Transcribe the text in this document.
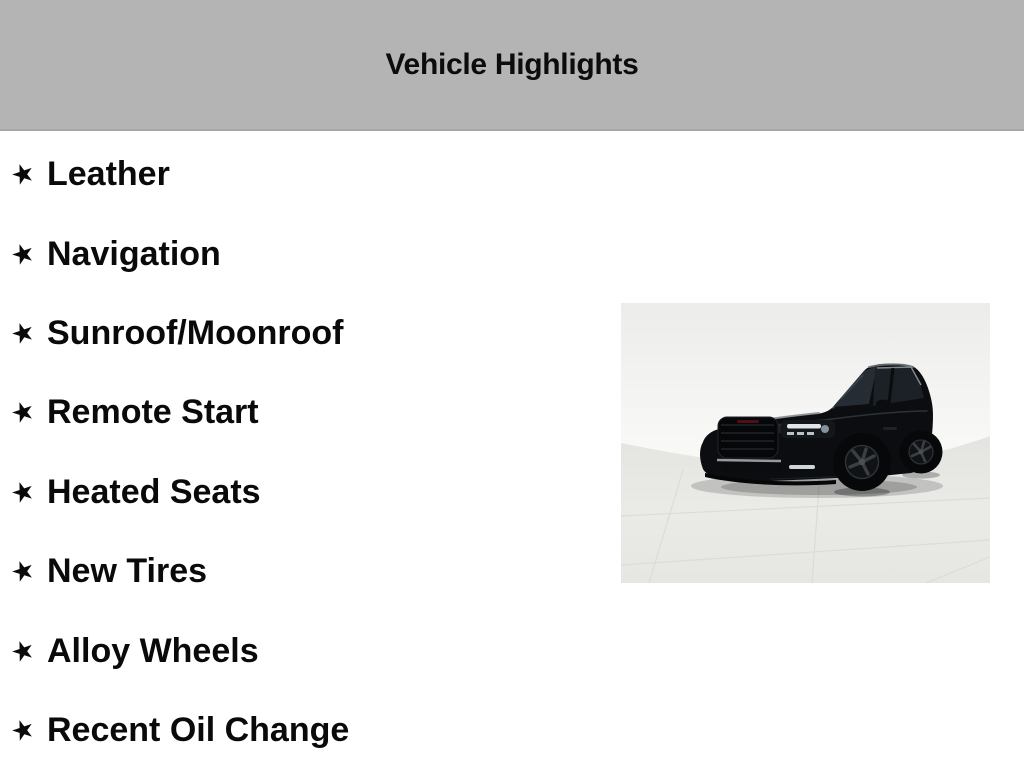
Vehicle Highlights
★ Leather
★ Navigation
★ Sunroof/Moonroof
★ Remote Start
★ Heated Seats
★ New Tires
★ Alloy Wheels
★ Recent Oil Change
